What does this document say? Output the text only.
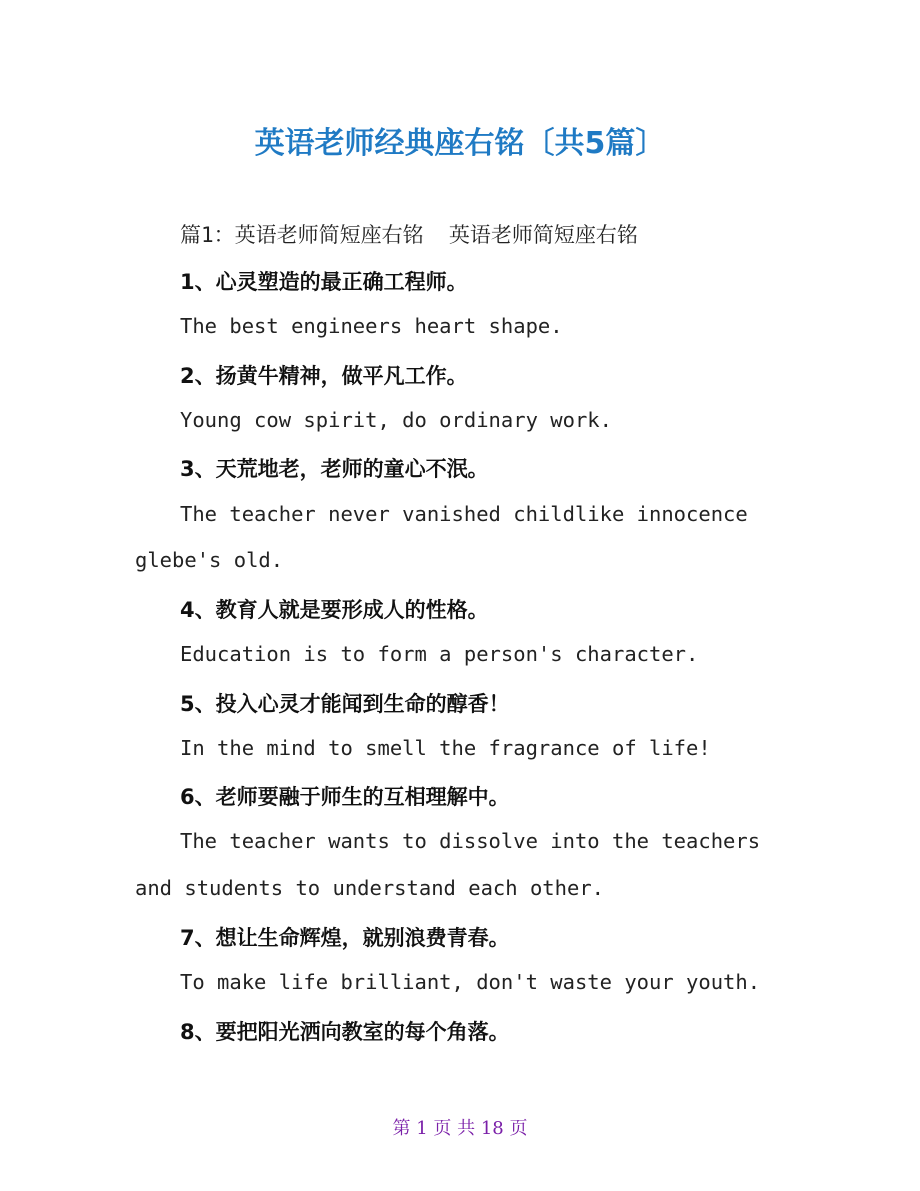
英语老师经典座右铭〔共5篇〕
篇1：英语老师简短座右铭  英语老师简短座右铭
1、心灵塑造的最正确工程师。
The best engineers heart shape.
2、扬黄牛精神，做平凡工作。
Young cow spirit, do ordinary work.
3、天荒地老，老师的童心不泯。
The teacher never vanished childlike innocence
glebe's old.
4、教育人就是要形成人的性格。
Education is to form a person's character.
5、投入心灵才能闻到生命的醇香！
In the mind to smell the fragrance of life!
6、老师要融于师生的互相理解中。
The teacher wants to dissolve into the teachers
and students to understand each other.
7、想让生命辉煌，就别浪费青春。
To make life brilliant, don't waste your youth.
8、要把阳光洒向教室的每个角落。
第 1 页 共 18 页
